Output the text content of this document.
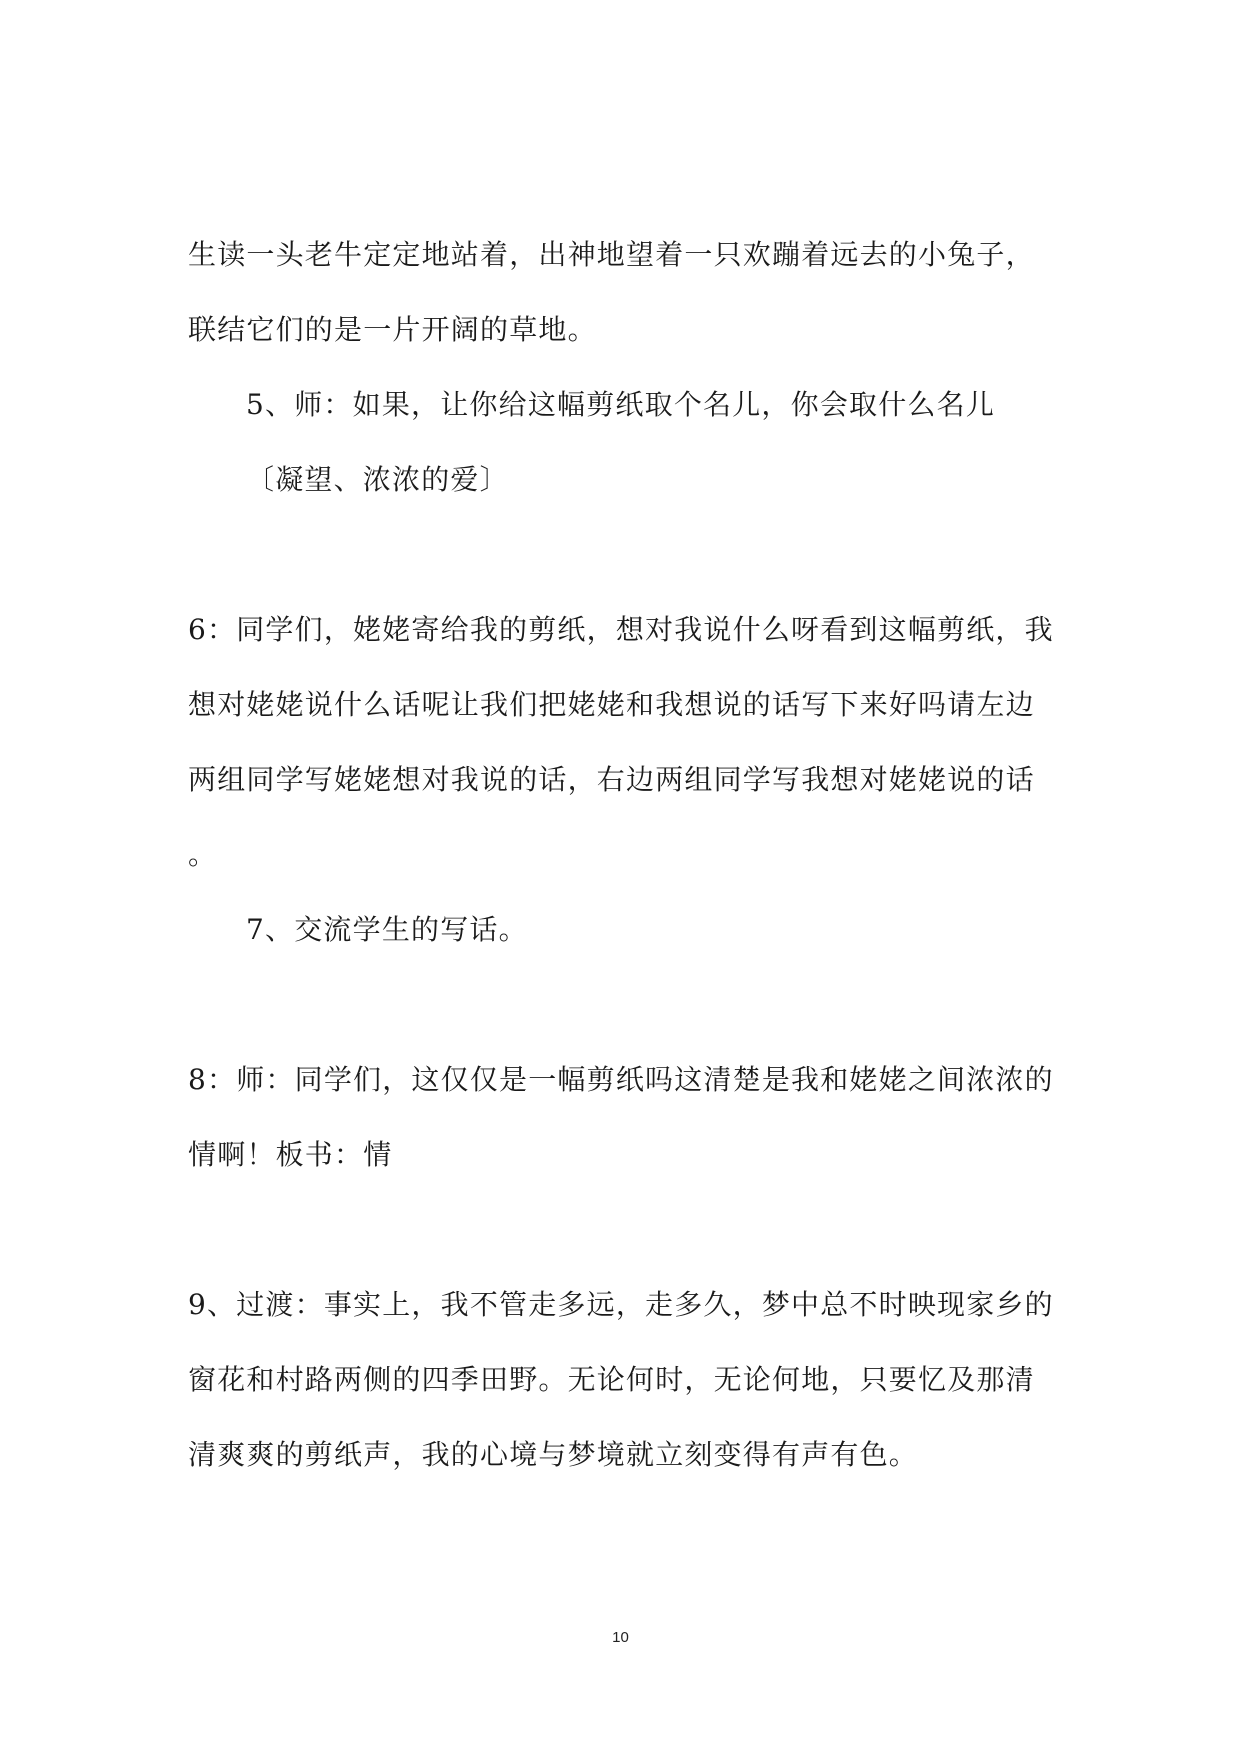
生读一头老牛定定地站着，出神地望着一只欢蹦着远去的小兔子，
联结它们的是一片开阔的草地。
5、师：如果，让你给这幅剪纸取个名儿，你会取什么名儿
〔凝望、浓浓的爱〕
6：同学们，姥姥寄给我的剪纸，想对我说什么呀看到这幅剪纸，我
想对姥姥说什么话呢让我们把姥姥和我想说的话写下来好吗请左边
两组同学写姥姥想对我说的话，右边两组同学写我想对姥姥说的话
。
7、交流学生的写话。
8：师：同学们，这仅仅是一幅剪纸吗这清楚是我和姥姥之间浓浓的
情啊！板书：情
9、过渡：事实上，我不管走多远，走多久，梦中总不时映现家乡的
窗花和村路两侧的四季田野。无论何时，无论何地，只要忆及那清
清爽爽的剪纸声，我的心境与梦境就立刻变得有声有色。
10
